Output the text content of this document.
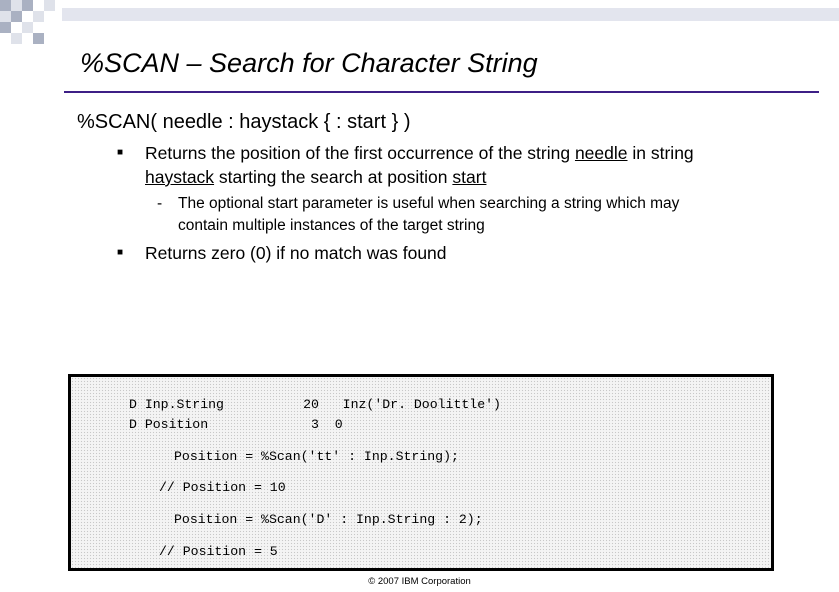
%SCAN – Search for Character String
%SCAN( needle : haystack { : start } )
■ Returns the position of the first occurrence of the string needle in string
haystack starting the search at position start
- The optional start parameter is useful when searching a string which may
contain multiple instances of the target string
■ Returns zero (0) if no match was found
D Inp.String          20   Inz('Dr. Doolittle')
D Position             3  0
Position = %Scan('tt' : Inp.String);
// Position = 10
Position = %Scan('D' : Inp.String : 2);
// Position = 5
© 2007 IBM Corporation
